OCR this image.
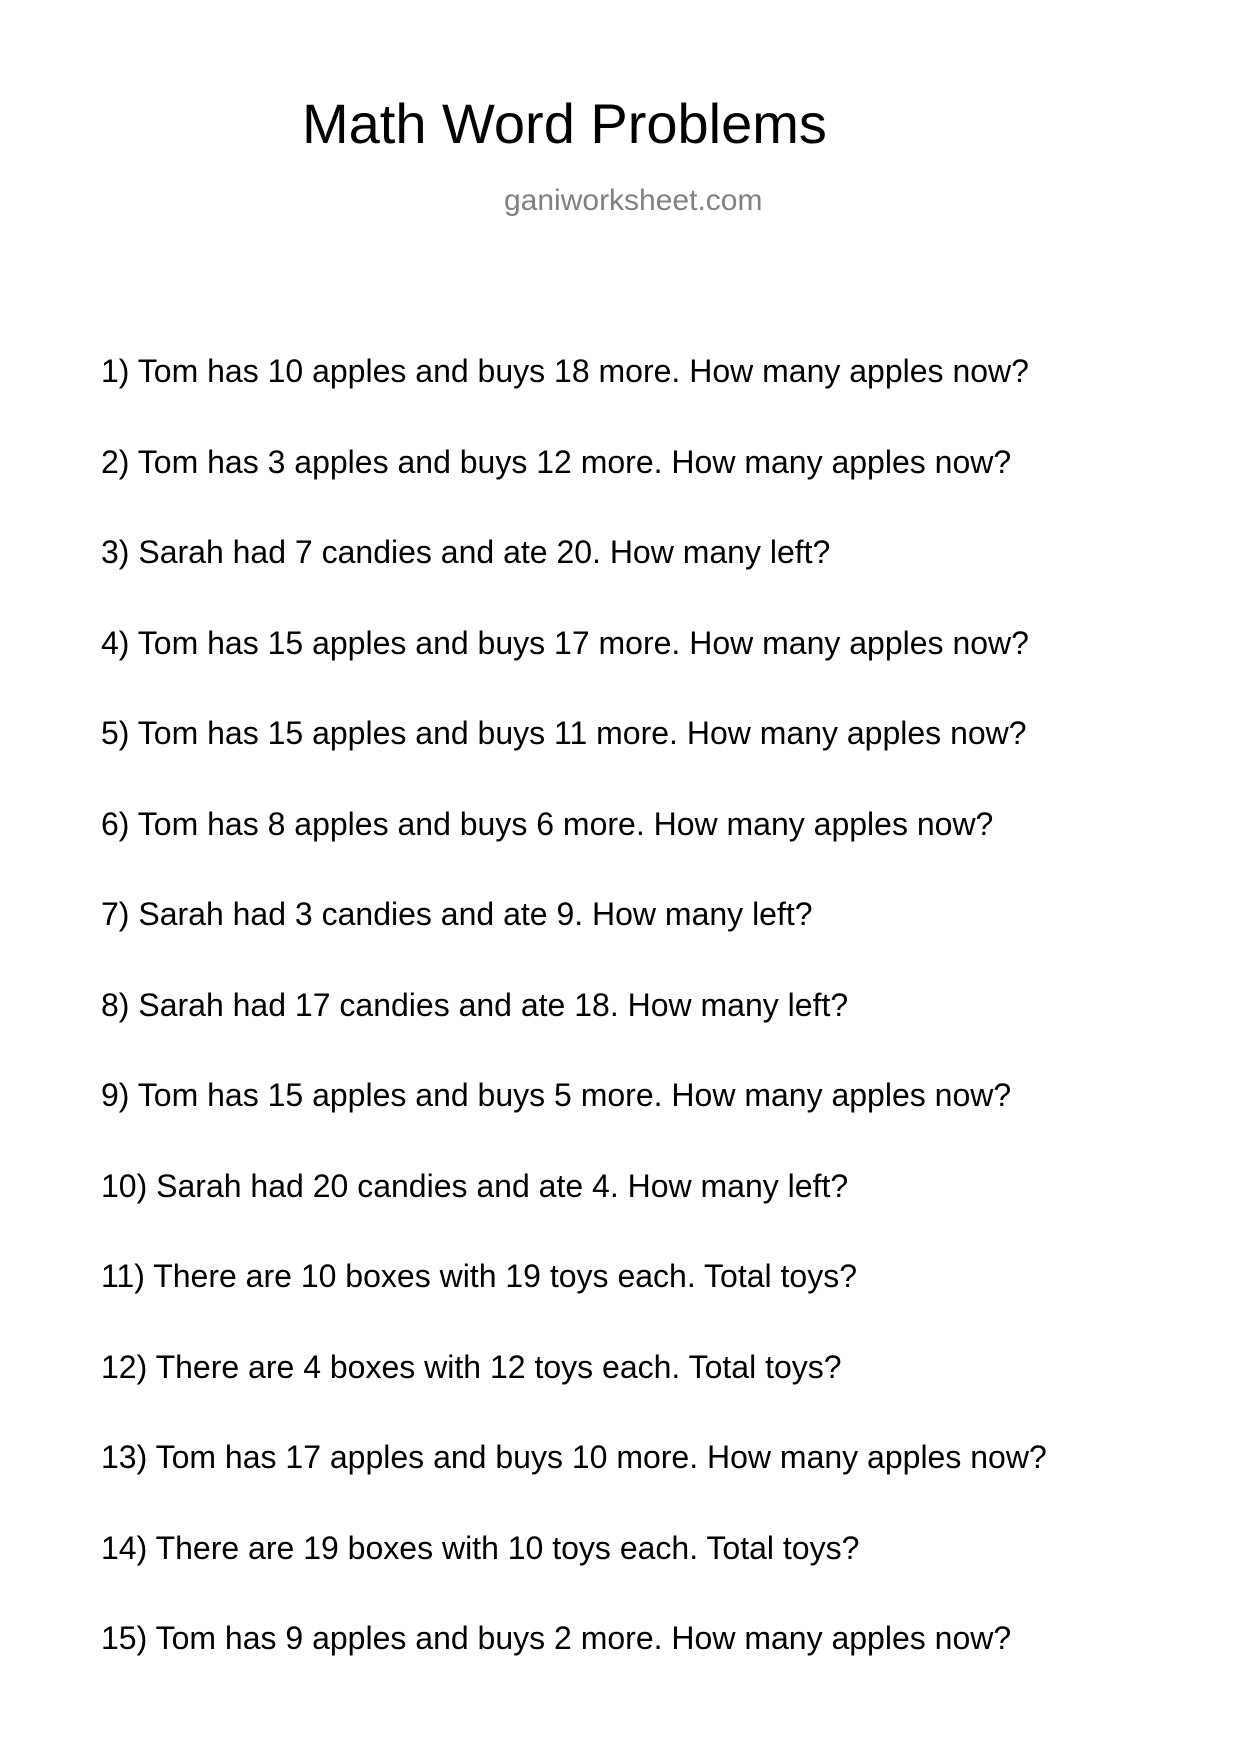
Math Word Problems
ganiworksheet.com
1) Tom has 10 apples and buys 18 more. How many apples now?
2) Tom has 3 apples and buys 12 more. How many apples now?
3) Sarah had 7 candies and ate 20. How many left?
4) Tom has 15 apples and buys 17 more. How many apples now?
5) Tom has 15 apples and buys 11 more. How many apples now?
6) Tom has 8 apples and buys 6 more. How many apples now?
7) Sarah had 3 candies and ate 9. How many left?
8) Sarah had 17 candies and ate 18. How many left?
9) Tom has 15 apples and buys 5 more. How many apples now?
10) Sarah had 20 candies and ate 4. How many left?
11) There are 10 boxes with 19 toys each. Total toys?
12) There are 4 boxes with 12 toys each. Total toys?
13) Tom has 17 apples and buys 10 more. How many apples now?
14) There are 19 boxes with 10 toys each. Total toys?
15) Tom has 9 apples and buys 2 more. How many apples now?
